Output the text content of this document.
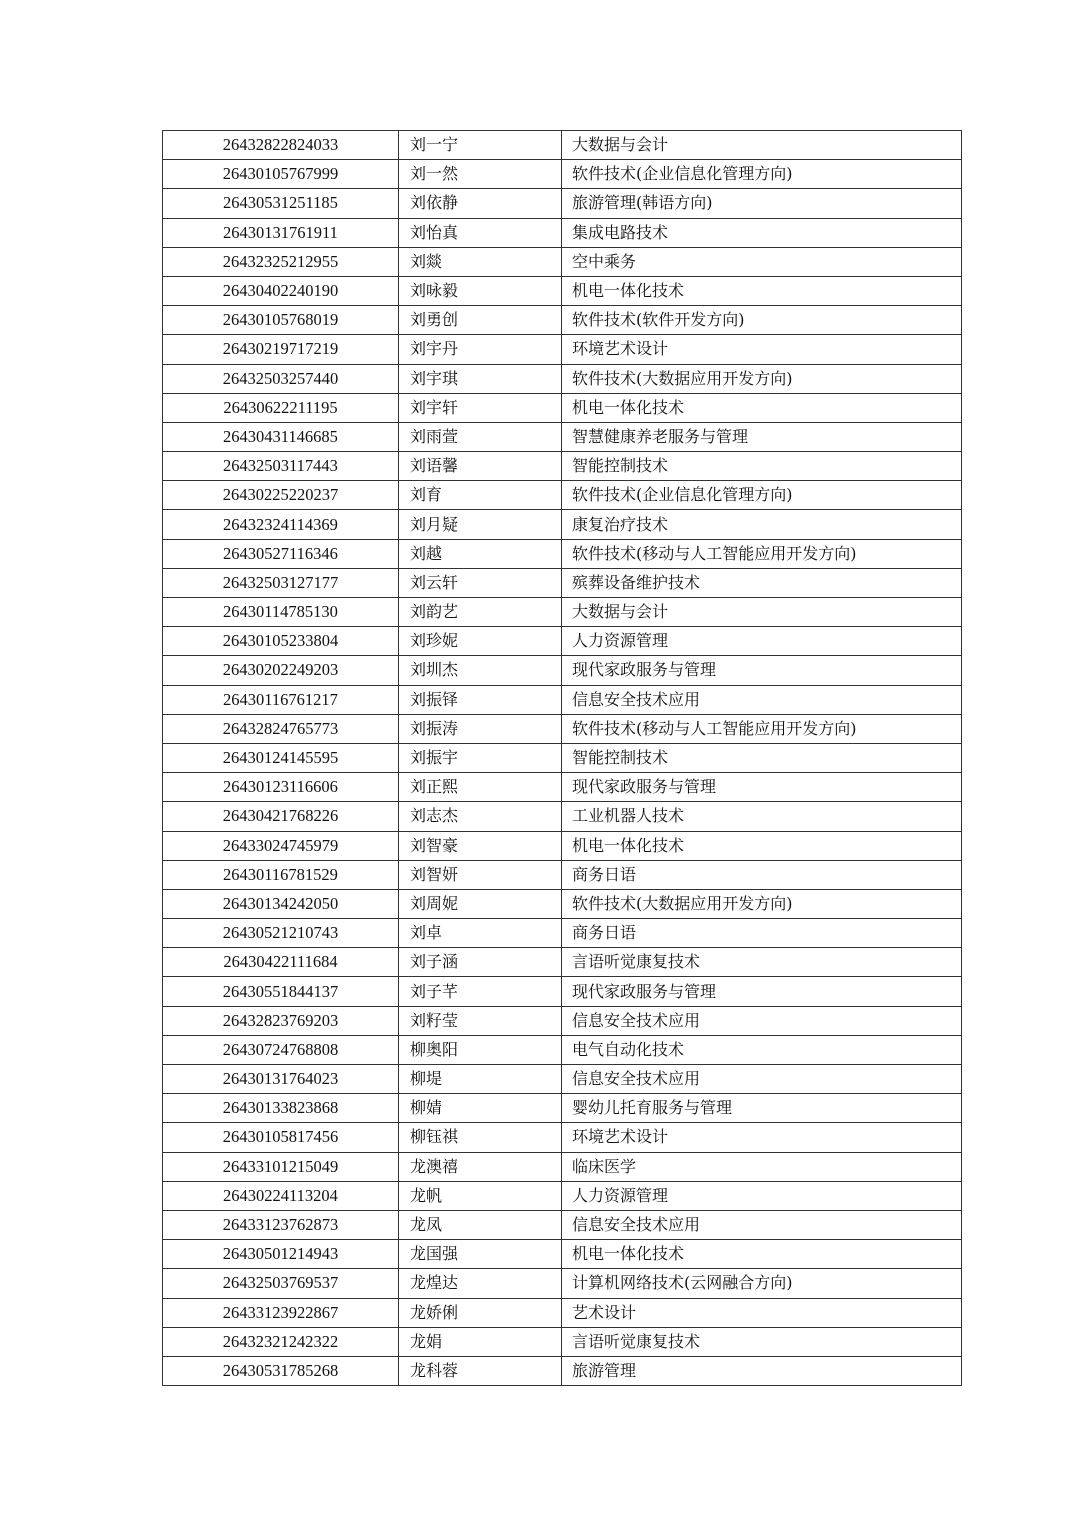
26432822824033	刘一宁	大数据与会计
26430105767999	刘一然	软件技术(企业信息化管理方向)
26430531251185	刘依静	旅游管理(韩语方向)
26430131761911	刘怡真	集成电路技术
26432325212955	刘燚	空中乘务
26430402240190	刘咏毅	机电一体化技术
26430105768019	刘勇创	软件技术(软件开发方向)
26430219717219	刘宇丹	环境艺术设计
26432503257440	刘宇琪	软件技术(大数据应用开发方向)
26430622211195	刘宇轩	机电一体化技术
26430431146685	刘雨萱	智慧健康养老服务与管理
26432503117443	刘语馨	智能控制技术
26430225220237	刘育	软件技术(企业信息化管理方向)
26432324114369	刘月疑	康复治疗技术
26430527116346	刘越	软件技术(移动与人工智能应用开发方向)
26432503127177	刘云轩	殡葬设备维护技术
26430114785130	刘韵艺	大数据与会计
26430105233804	刘珍妮	人力资源管理
26430202249203	刘圳杰	现代家政服务与管理
26430116761217	刘振铎	信息安全技术应用
26432824765773	刘振涛	软件技术(移动与人工智能应用开发方向)
26430124145595	刘振宇	智能控制技术
26430123116606	刘正熙	现代家政服务与管理
26430421768226	刘志杰	工业机器人技术
26433024745979	刘智豪	机电一体化技术
26430116781529	刘智妍	商务日语
26430134242050	刘周妮	软件技术(大数据应用开发方向)
26430521210743	刘卓	商务日语
26430422111684	刘子涵	言语听觉康复技术
26430551844137	刘子芊	现代家政服务与管理
26432823769203	刘籽莹	信息安全技术应用
26430724768808	柳奥阳	电气自动化技术
26430131764023	柳堤	信息安全技术应用
26430133823868	柳婧	婴幼儿托育服务与管理
26430105817456	柳钰祺	环境艺术设计
26433101215049	龙澳禧	临床医学
26430224113204	龙帆	人力资源管理
26433123762873	龙凤	信息安全技术应用
26430501214943	龙国强	机电一体化技术
26432503769537	龙煌达	计算机网络技术(云网融合方向)
26433123922867	龙娇俐	艺术设计
26432321242322	龙娟	言语听觉康复技术
26430531785268	龙科蓉	旅游管理
